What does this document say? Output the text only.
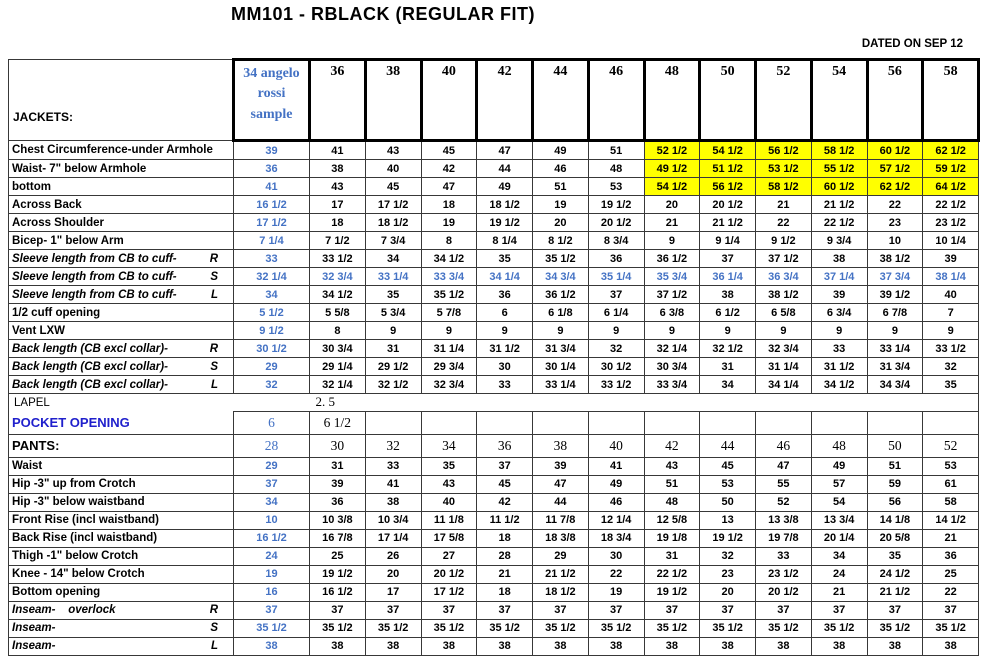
MM101 - RBLACK (REGULAR FIT)
DATED ON SEP 12
JACKETS:	34 angelo rossi sample	36	38	40	42	44	46	48	50	52	54	56	58

Chest Circumference-under Armhole	39	41	43	45	47	49	51	52 1/2	54 1/2	56 1/2	58 1/2	60 1/2	62 1/2

Waist- 7" below Armhole	36	38	40	42	44	46	48	49 1/2	51 1/2	53 1/2	55 1/2	57 1/2	59 1/2

bottom	41	43	45	47	49	51	53	54 1/2	56 1/2	58 1/2	60 1/2	62 1/2	64 1/2

Across Back	16 1/2	17	17 1/2	18	18 1/2	19	19 1/2	20	20 1/2	21	21 1/2	22	22 1/2

Across Shoulder	17 1/2	18	18 1/2	19	19 1/2	20	20 1/2	21	21 1/2	22	22 1/2	23	23 1/2

Bicep- 1" below Arm	7 1/4	7 1/2	7 3/4	8	8 1/4	8 1/2	8 3/4	9	9 1/4	9 1/2	9 3/4	10	10 1/4

Sleeve length from CB to cuff- R	33	33 1/2	34	34 1/2	35	35 1/2	36	36 1/2	37	37 1/2	38	38 1/2	39

Sleeve length from CB to cuff- S	32 1/4	32 3/4	33 1/4	33 3/4	34 1/4	34 3/4	35 1/4	35 3/4	36 1/4	36 3/4	37 1/4	37 3/4	38 1/4

Sleeve length from CB to cuff- L	34	34 1/2	35	35 1/2	36	36 1/2	37	37 1/2	38	38 1/2	39	39 1/2	40

1/2 cuff opening	5 1/2	5 5/8	5 3/4	5 7/8	6	6 1/8	6 1/4	6 3/8	6 1/2	6 5/8	6 3/4	6 7/8	7

Vent LXW	9 1/2	8	9	9	9	9	9	9	9	9	9	9	9

Back length (CB excl collar)- R	30 1/2	30 3/4	31	31 1/4	31 1/2	31 3/4	32	32 1/4	32 1/2	32 3/4	33	33 1/4	33 1/2

Back length (CB excl collar)- S	29	29 1/4	29 1/2	29 3/4	30	30 1/4	30 1/2	30 3/4	31	31 1/4	31 1/2	31 3/4	32

Back length (CB excl collar)- L	32	32 1/4	32 1/2	32 3/4	33	33 1/4	33 1/2	33 3/4	34	34 1/4	34 1/2	34 3/4	35
LAPEL	2. 5												
POCKET OPENING	6	6 1/2											
PANTS:	28	30	32	34	36	38	40	42	44	46	48	50	52

Waist	29	31	33	35	37	39	41	43	45	47	49	51	53

Hip -3" up from Crotch	37	39	41	43	45	47	49	51	53	55	57	59	61

Hip -3" below waistband	34	36	38	40	42	44	46	48	50	52	54	56	58

Front Rise (incl waistband)	10	10 3/8	10 3/4	11 1/8	11 1/2	11 7/8	12 1/4	12 5/8	13	13 3/8	13 3/4	14 1/8	14 1/2

Back Rise (incl waistband)	16 1/2	16 7/8	17 1/4	17 5/8	18	18 3/8	18 3/4	19 1/8	19 1/2	19 7/8	20 1/4	20 5/8	21

Thigh -1" below Crotch	24	25	26	27	28	29	30	31	32	33	34	35	36

Knee - 14" below Crotch	19	19 1/2	20	20 1/2	21	21 1/2	22	22 1/2	23	23 1/2	24	24 1/2	25

Bottom opening	16	16 1/2	17	17 1/2	18	18 1/2	19	19 1/2	20	20 1/2	21	21 1/2	22

Inseam-    overlock R	37	37	37	37	37	37	37	37	37	37	37	37	37

Inseam- S	35 1/2	35 1/2	35 1/2	35 1/2	35 1/2	35 1/2	35 1/2	35 1/2	35 1/2	35 1/2	35 1/2	35 1/2	35 1/2

Inseam- L	38	38	38	38	38	38	38	38	38	38	38	38	38
